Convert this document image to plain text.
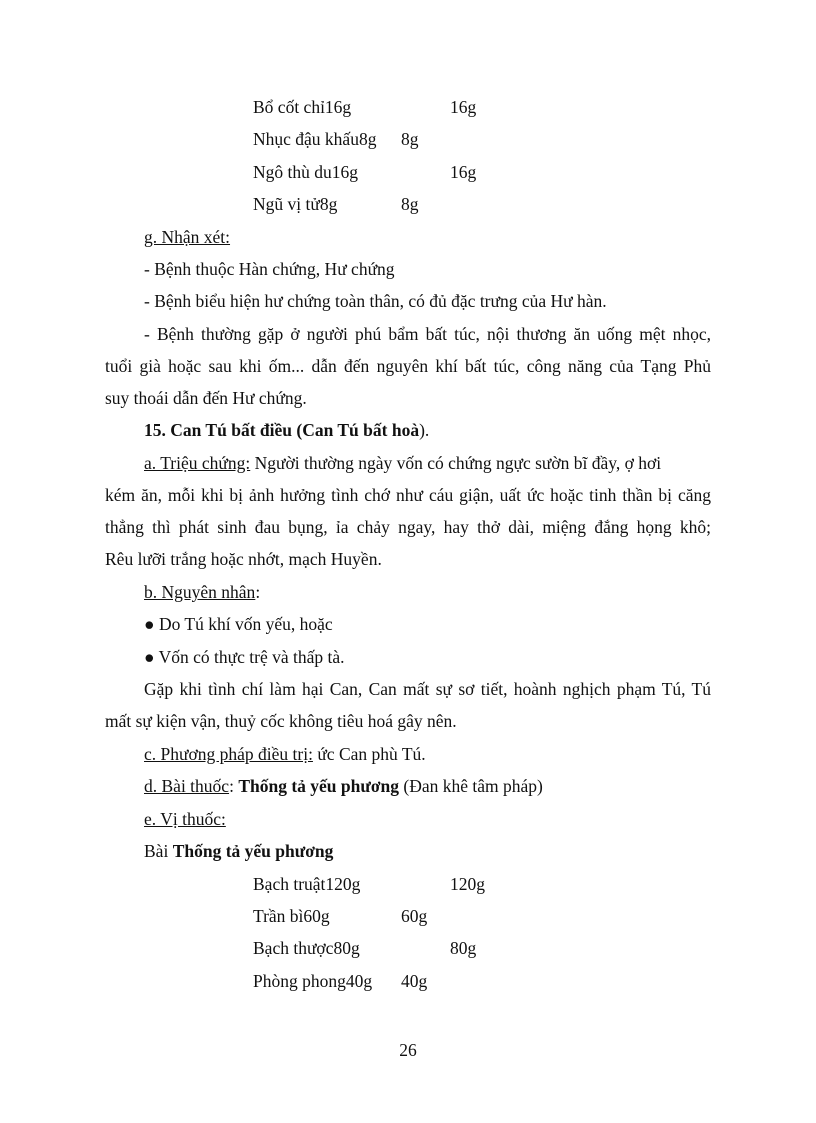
Bổ cốt chỉ16g	16g
Nhục đậu khấu8g 8g
Ngô thù du16g	16g
Ngũ vị tử8g	8g
g. Nhận xét:
- Bệnh thuộc Hàn chứng, Hư chứng
- Bệnh biểu hiện hư chứng toàn thân, có đủ đặc trưng của Hư hàn.
- Bệnh thường gặp ở người phú bẩm bất túc, nội thương ăn uống mệt nhọc,
tuổi già hoặc sau khi ốm... dẫn đến nguyên khí bất túc, công năng của Tạng Phủ
suy thoái dẫn đến Hư chứng.
15. Can Tú bất điều (Can Tú bất hoà).
a. Triệu chứng: Người thường ngày vốn có chứng ngực sườn bĩ đầy, ợ hơi
kém ăn, mỗi khi bị ảnh hưởng tình chớ như cáu giận, uất ức hoặc tinh thần bị căng
thẳng thì phát sinh đau bụng, ỉa chảy ngay, hay thở dài, miệng đắng họng khô;
Rêu lưỡi trắng hoặc nhớt, mạch Huyền.
b. Nguyên nhân:
● Do Tú khí vốn yếu, hoặc
● Vốn có thực trệ và thấp tà.
Gặp khi tình chí làm hại Can, Can mất sự sơ tiết, hoành nghịch phạm Tú, Tú
mất sự kiện vận, thuỷ cốc không tiêu hoá gây nên.
c. Phương pháp điều trị: ức Can phù Tú.
d. Bài thuốc: Thống tả yếu phương (Đan khê tâm pháp)
e. Vị thuốc:
Bài Thống tả yếu phương
Bạch truật120g	120g
Trần bì60g	60g
Bạch thược80g	80g
Phòng phong40g 40g
26
